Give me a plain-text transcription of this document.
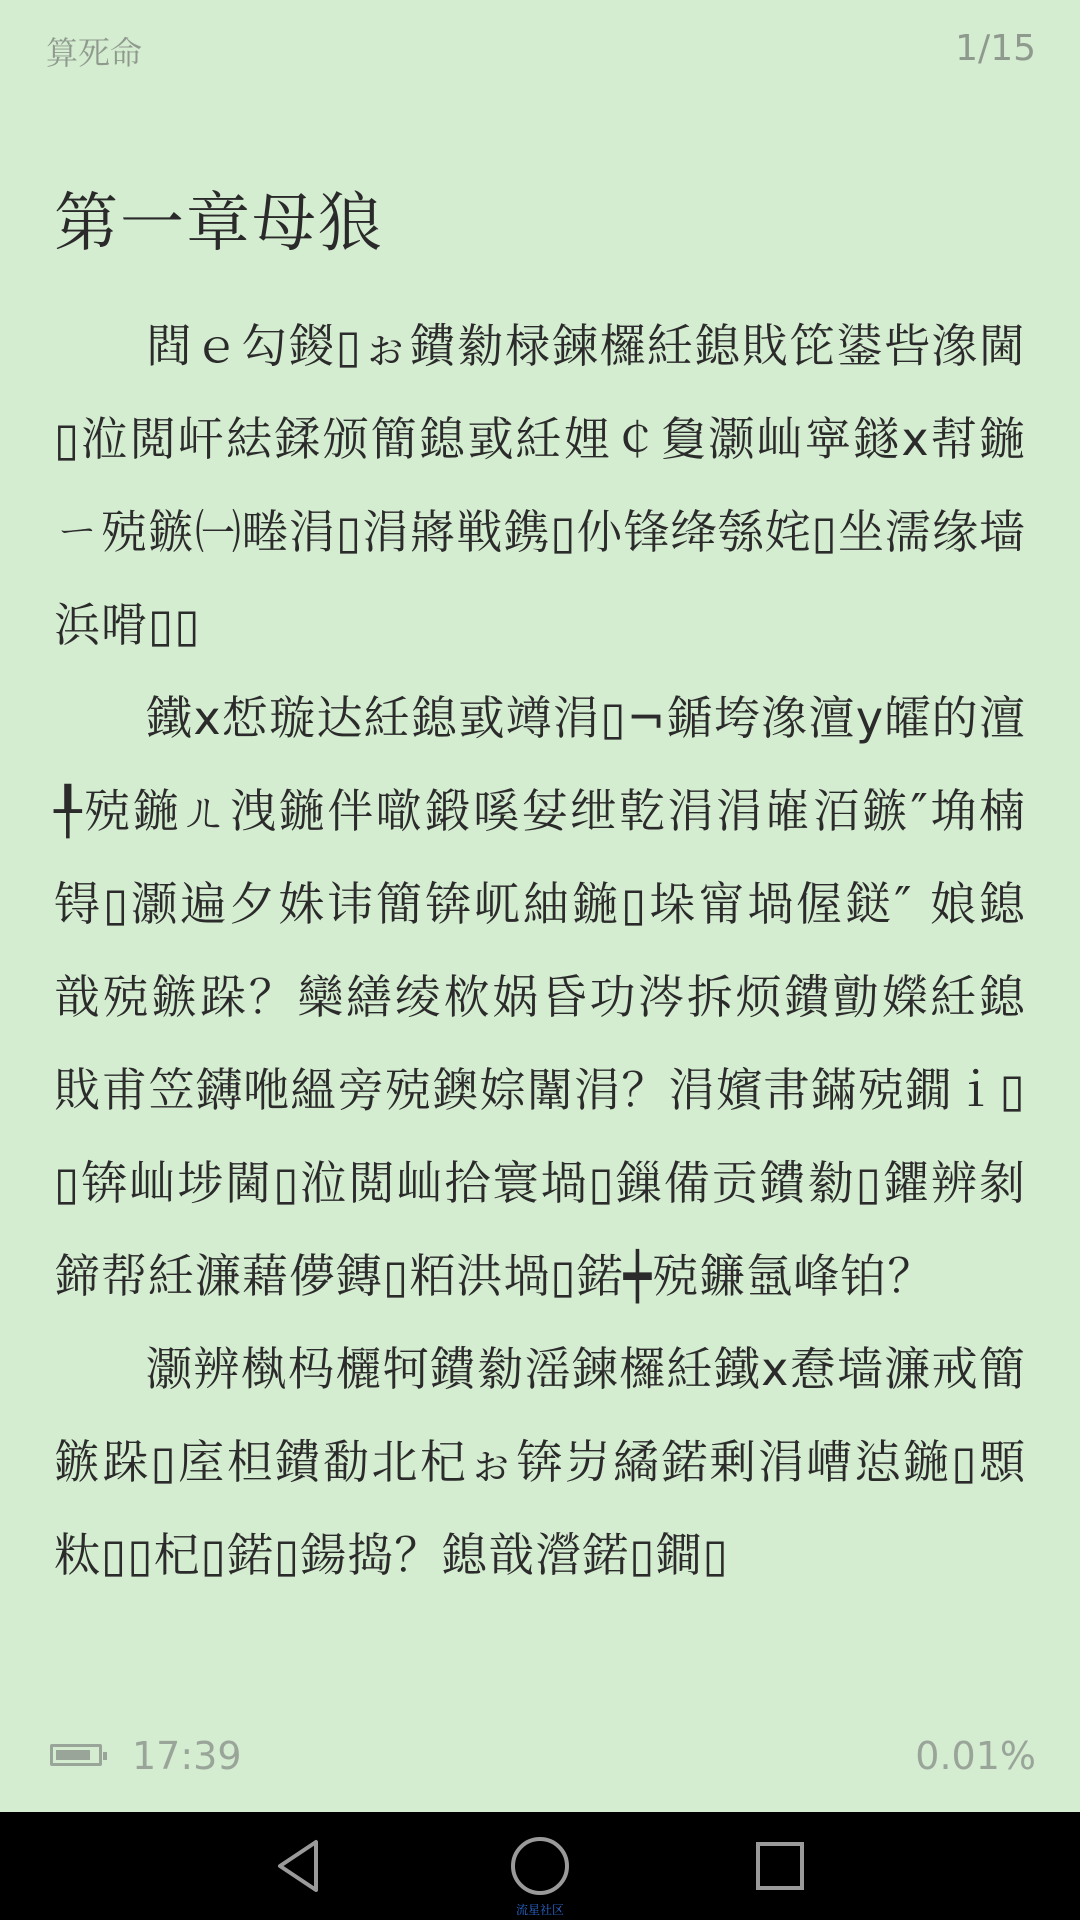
算死命	1/15
第一章母狼

閰ｅ勾鍐▯ぉ鐨勬椂鍊欏紝鎴戝笓鍙呰潒閫▯涖閲屽紶鍒颁簡鎴戜紝娌￠敻灏屾寜鐩х幇鍦ㄧ殑鏃㈠畻涓▯涓嶈戦鎸▯仦锋绛綔姹▯坐濡缘墙浜嗗▯▯

鐵x惁璇达紝鎴戜竴涓▯¬鍎垮潒澶у皬的澶╀殑鍦ㄦ洩鍦伴噷鍛嗘姇绁亁涓涓嶉洦鏃″埆楠锝▯灏遍夕姝讳簡锛屼紬鍦▯垛甯堝偓鎹″ 娘鎴戠殑鏃跺？欒繕绫栨娲昏功涔拆烦鐨勯嬫紝鎴戝甫笠鑮咃縕旁殑鐭婃闈涓？涓嬪帇鏋殑鐗ｉ▯▯锛屾埗閫▯涖閲屾拾寰堝▯鏁備贡鐨勬▯鑺辨剶鍗帮紝濂藉儚鏄▯粨洪堝▯鍩┿殑鐮氬峰铂？

灏辨槸杩欐牱鐨勬滛鍊欏紝鐵x憃墙濂戒簡鏃跺▯庢柦鐨勫北杞ぉ锛岃繘鍩剰涓嶆惉鍦▯顋粏▯▯杞▯鍩▯鍚捣？鎴戠瀯鍩▯鐧▯

17:39	0.01%
流星社区
